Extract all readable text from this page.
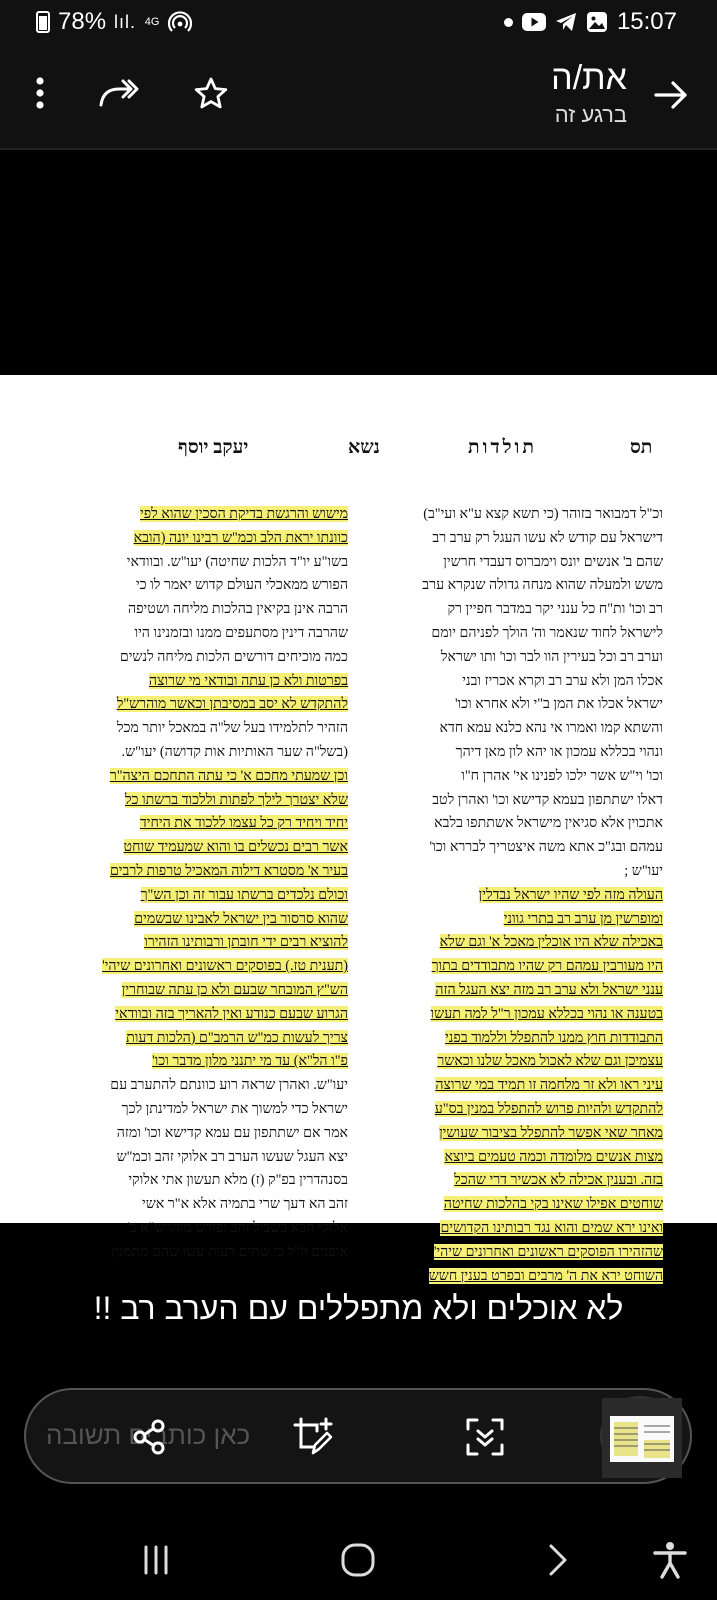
78% lıl. 4G	15:07
את/ה
ברגע זה
יעקב יוסף	נשא	תולדות	תס
וכ"ל דמבואר בזוהר (כי תשא קצא ע"א ועי"ב)
דישראל עם קודש לא עשו העגל רק ערב רב
שהם ב' אנשים יונס וימברוס דעבדי חרשין
משש ולמעלה שהוא מנחה גדולה שנקרא ערב
רב וכו' ות"ח כל ענני יקר במדבר חפיין רק
לישראל לחוד שנאמר וה' הולך לפניהם יומם
וערב רב וכל בעירין הוו לבר וכו' ותו ישראל
אכלו המן ולא ערב רב וקרא אכריז ובני
ישראל אכלו את המן ב"י ולא אחרא וכו'
והשתא קמו ואמרו אי נהא כלנא עמא חדא
ונהוי בכללא עמכון או יהא לון מאן דיהך
וכו' וי"ש אשר ילכו לפנינו אי' אהרן ח"ו
דאלו ישתתפון בעמא קדישא וכו' ואהרן לטב
אתכוין אלא סגיאין מישראל אשתתפו בלבא
עמהם ובג"כ אתא משה איצטריך לבררא וכו'
יעו"ש ;
העולה מזה לפי שהיו ישראל נבדלין
ומופרשין מן ערב רב בתרי גווני
באכילה שלא היו אוכלין מאכל א' וגם שלא
היו מעורבין עמהם רק שהיו מתבודדים בתוך
ענני ישראל ולא ערב רב מזה יצא העגל הזה
בטענה או נהוי בכללא עמכון ר"ל למה תעשו
התבודדות חוץ ממנו להתפלל וללמוד בפני
עצמיכן וגם שלא לאכול מאכל שלנו וכאשר
עיני ראו ולא זר מלחמה זו תמיד במי שרוצה
להתקדש ולהיות פרוש להתפלל במנין בס"ע
מאחר שאי אפשר להתפלל בציבור שעושין
מצות אנשים מלומדה וכמה טעמים ביוצא
בזה. ובענין אכילה לא אכשיר דרי שהכל
שוחטים אפילו שאינו בקי בהלכות שחיטה
ואינו ירא שמים והוא נגד רבותינו הקדושים
שהזהירו הפוסקים ראשונים ואחרונים שיהי'
השוחט ירא את ה' מרבים ובפרט בענין חשש
מישוש והרגשת בדיקת הסכין שהוא לפי
כוונתו יראת הלב וכמ"ש רבינו יונה (הובא
בשו"ע יו"ד הלכות שחיטה) יעו"ש. ובוודאי
הפורש ממאכלי העולם קדוש יאמר לו כי
הרבה אינן בקיאין בהלכות מליחה ושטיפה
שהרבה דינין מסתעפים ממנו ובזמנינו היו
כמה מוכיחים דורשים הלכות מליחה לנשים
בפרטות ולא כן עתה ובודאי מי שרוצה
להתקדש לא יסב במסיבתן וכאשר מוהרש"ל
הזהיר לתלמידו בעל של"ה במאכל יותר מכל
(בשל"ה שער האותיות אות קדושה) יעו"ש.
וכן שמעתי מחכם א' כי עתה התחכם היצה"ר
שלא יצטרך לילך לפתות וללכוד ברשתו כל
יחיד ויחיד רק כל עצמו ללכוד את היחיד
אשר רבים נכשלים בו והוא שמעמיד שוחט
בעיר א' מסטרא דילוה המאכיל טרפות לרבים
וכולם נלכדים ברשתו עבור זה וכן הש"ך
שהוא סרסור בין ישראל לאבינו שבשמים
להוציא רבים ידי חובתן ורבותינו הזהירו
(תענית טז.) בפוסקים ראשונים ואחרונים שיהי'
הש"ץ המובחר שבעם ולא כן עתה שבוחרין
הגרוע שבעם כנודע ואין להאריך בזה ובוודאי
צריך לעשות כמ"ש הרמב"ם (הלכות דעות
פ"ו הל"א) עד מי יתנני מלון מדבר וכו'
יעו"ש. ואהרן שראה רוע כוונתם להתערב עם
ישראל כדי למשוך את ישראל למדינתן לכך
אמר אם ישתתפון עם עמא קדישא וכו' ומזה
יצא העגל שעשו הערב רב אלוקי זהב וכמ"ש
בסנהדרין בפ"ק (ז) מלא תעשון אתי אלוקי
זהב הא דעך שרי בתמיה אלא א"ר אשי
אלוקי הכא בשביל זהב ופירש מוהרש"א ב'
אופנים וז"ל כי שתים רעות עשו שהם מתמנין
לא אוכלים ולא מתפללים עם הערב רב !!
כאן כותבים תשובה
